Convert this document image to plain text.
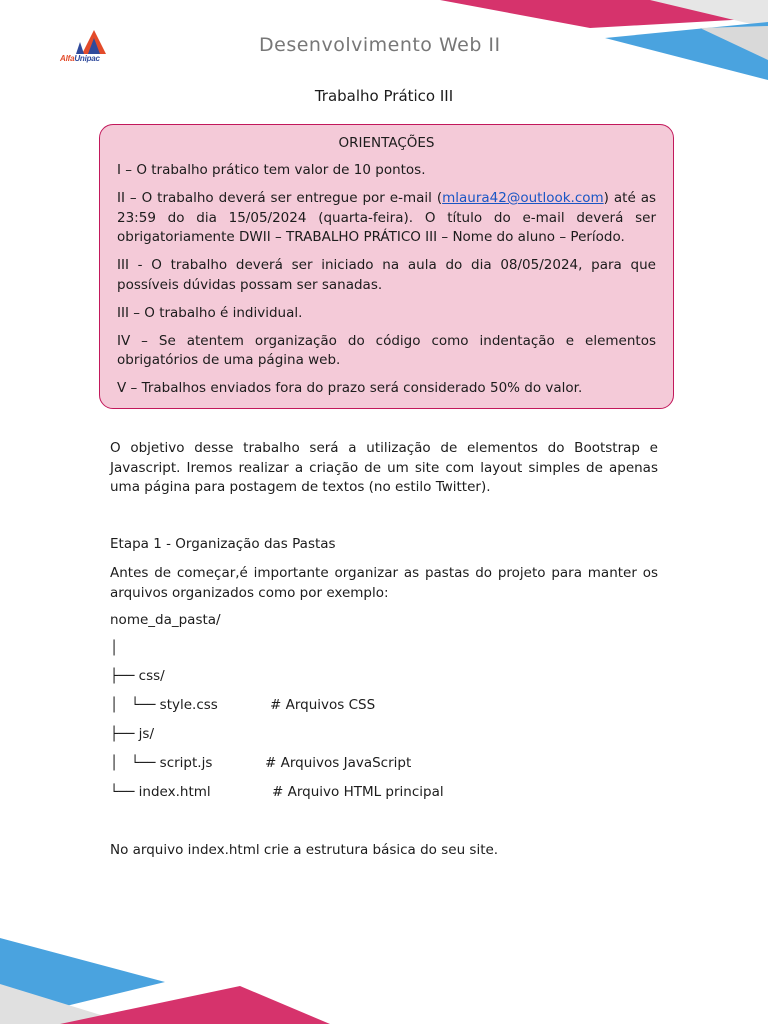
AlfaUnipac
Desenvolvimento Web II
Trabalho Prático III
ORIENTAÇÕES

I – O trabalho prático tem valor de 10 pontos.

II – O trabalho deverá ser entregue por e-mail (mlaura42@outlook.com) até as 23:59 do dia 15/05/2024 (quarta-feira). O título do e-mail deverá ser obrigatoriamente DWII – TRABALHO PRÁTICO III – Nome do aluno – Período.

III - O trabalho deverá ser iniciado na aula do dia 08/05/2024, para que possíveis dúvidas possam ser sanadas.

III – O trabalho é individual.

IV – Se atentem organização do código como indentação e elementos obrigatórios de uma página web.

V – Trabalhos enviados fora do prazo será considerado 50% do valor.

O objetivo desse trabalho será a utilização de elementos do Bootstrap e Javascript. Iremos realizar a criação de um site com layout simples de apenas uma página para postagem de textos (no estilo Twitter).

Etapa 1 - Organização das Pastas

Antes de começar,é importante organizar as pastas do projeto para manter os arquivos organizados como por exemplo:

nome_da_pasta/
│
├── css/
│   └── style.css	# Arquivos CSS
├── js/
│   └── script.js	# Arquivos JavaScript
└── index.html	# Arquivo HTML principal

No arquivo index.html crie a estrutura básica do seu site.
